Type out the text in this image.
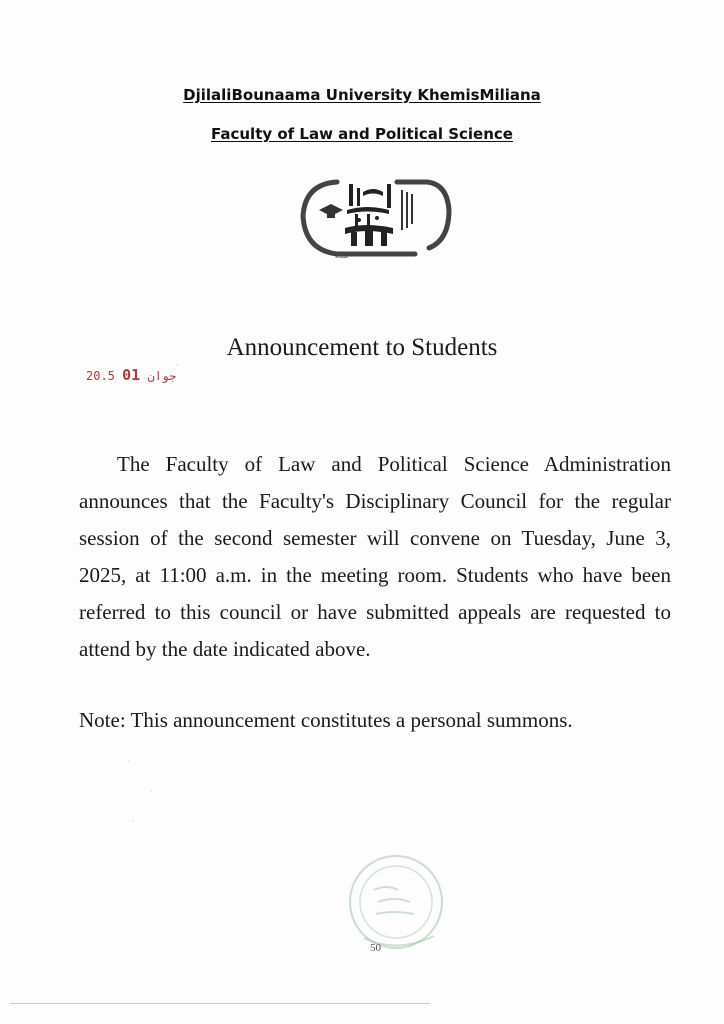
DjilaliBounaama University KhemisMiliana
Faculty of Law and Political Science
ميليانة
Announcement to Students
20.5	جوان 01

The Faculty of Law and Political Science Administration announces that the Faculty's Disciplinary Council for the regular session of the second semester will convene on Tuesday, June 3, 2025, at 11:00 a.m. in the meeting room. Students who have been referred to this council or have submitted appeals are requested to attend by the date indicated above.

Note: This announcement constitutes a personal summons.
50
